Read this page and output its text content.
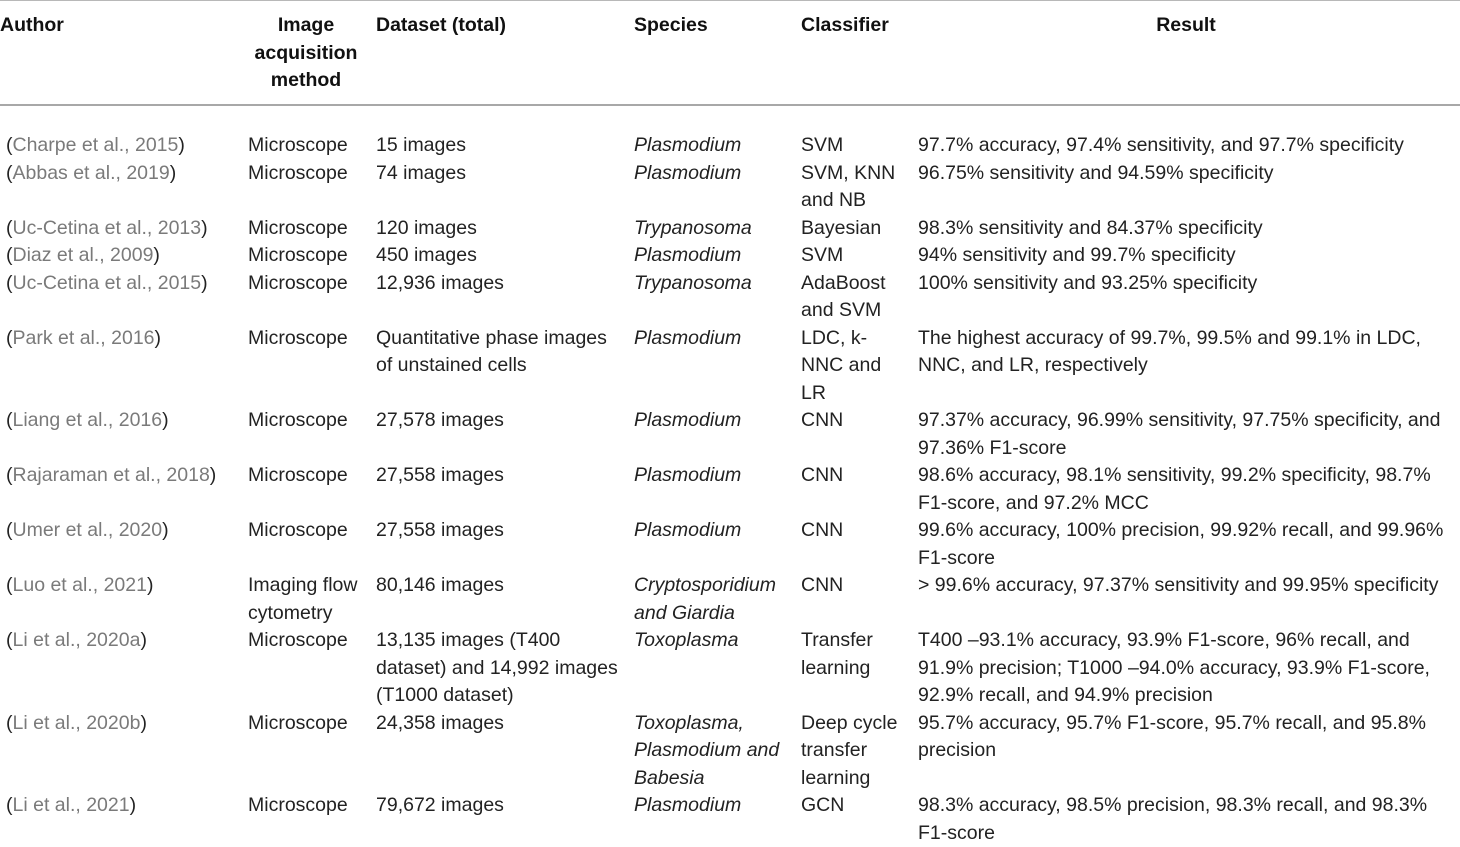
Author	Image acquisition method	Dataset (total)	Species	Classifier	Result
(Charpe et al., 2015)	Microscope	15 images	Plasmodium	SVM	97.7% accuracy, 97.4% sensitivity, and 97.7% specificity
(Abbas et al., 2019)	Microscope	74 images	Plasmodium	SVM, KNN and NB	96.75% sensitivity and 94.59% specificity
(Uc-Cetina et al., 2013)	Microscope	120 images	Trypanosoma	Bayesian	98.3% sensitivity and 84.37% specificity
(Diaz et al., 2009)	Microscope	450 images	Plasmodium	SVM	94% sensitivity and 99.7% specificity
(Uc-Cetina et al., 2015)	Microscope	12,936 images	Trypanosoma	AdaBoost and SVM	100% sensitivity and 93.25% specificity
(Park et al., 2016)	Microscope	Quantitative phase images of unstained cells	Plasmodium	LDC, k-NNC and LR	The highest accuracy of 99.7%, 99.5% and 99.1% in LDC, NNC, and LR, respectively
(Liang et al., 2016)	Microscope	27,578 images	Plasmodium	CNN	97.37% accuracy, 96.99% sensitivity, 97.75% specificity, and 97.36% F1-score
(Rajaraman et al., 2018)	Microscope	27,558 images	Plasmodium	CNN	98.6% accuracy, 98.1% sensitivity, 99.2% specificity, 98.7% F1-score, and 97.2% MCC
(Umer et al., 2020)	Microscope	27,558 images	Plasmodium	CNN	99.6% accuracy, 100% precision, 99.92% recall, and 99.96% F1-score
(Luo et al., 2021)	Imaging flow cytometry	80,146 images	Cryptosporidium and Giardia	CNN	> 99.6% accuracy, 97.37% sensitivity and 99.95% specificity
(Li et al., 2020a)	Microscope	13,135 images (T400 dataset) and 14,992 images (T1000 dataset)	Toxoplasma	Transfer learning	T400 –93.1% accuracy, 93.9% F1-score, 96% recall, and 91.9% precision; T1000 –94.0% accuracy, 93.9% F1-score, 92.9% recall, and 94.9% precision
(Li et al., 2020b)	Microscope	24,358 images	Toxoplasma, Plasmodium and Babesia	Deep cycle transfer learning	95.7% accuracy, 95.7% F1-score, 95.7% recall, and 95.8% precision
(Li et al., 2021)	Microscope	79,672 images	Plasmodium	GCN	98.3% accuracy, 98.5% precision, 98.3% recall, and 98.3% F1-score
